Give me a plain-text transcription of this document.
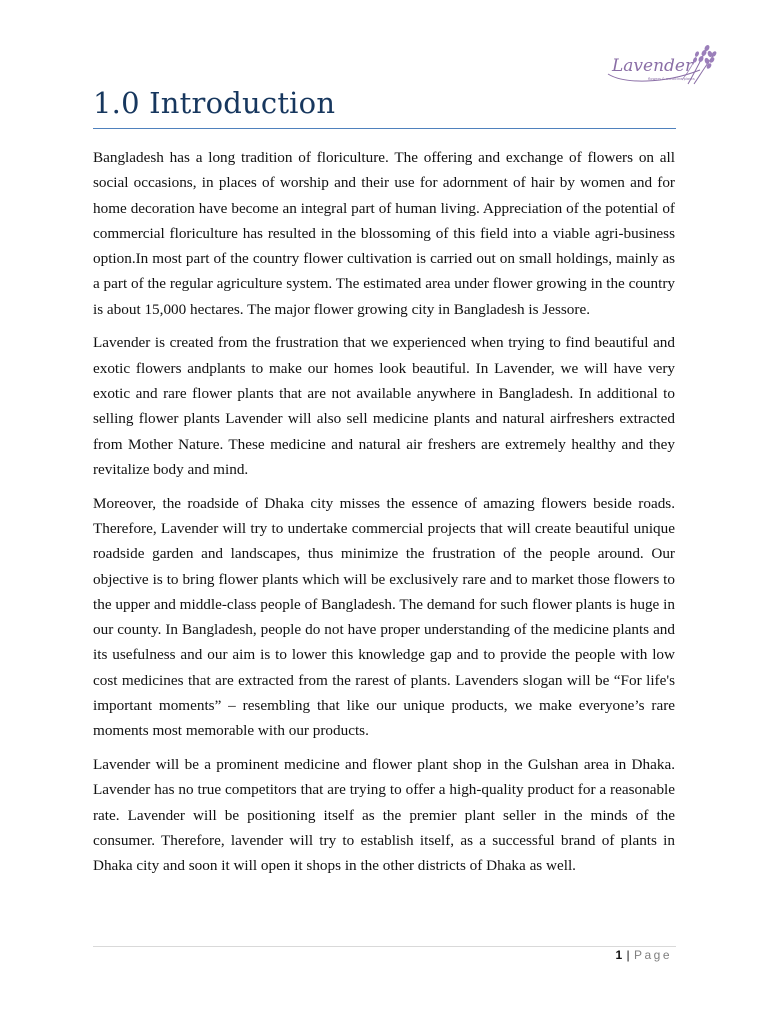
Lavender
flowers & medicine plants
1.0 Introduction

Bangladesh has a long tradition of floriculture. The offering and exchange of flowers on all social occasions, in places of worship and their use for adornment of hair by women and for home decoration have become an integral part of human living. Appreciation of the potential of commercial floriculture has resulted in the blossoming of this field into a viable agri-business option.In most part of the country flower cultivation is carried out on small holdings, mainly as a part of the regular agriculture system. The estimated area under flower growing in the country is about 15,000 hectares. The major flower growing city in Bangladesh is Jessore.

Lavender is created from the frustration that we experienced when trying to find beautiful and exotic flowers andplants to make our homes look beautiful. In Lavender, we will have very exotic and rare flower plants that are not available anywhere in Bangladesh. In additional to selling flower plants Lavender will also sell medicine plants and natural airfreshers extracted from Mother Nature. These medicine and natural air freshers are extremely healthy and they revitalize body and mind.

Moreover, the roadside of Dhaka city misses the essence of amazing flowers beside roads. Therefore, Lavender will try to undertake commercial projects that will create beautiful unique roadside garden and landscapes, thus minimize the frustration of the people around. Our objective is to bring flower plants which will be exclusively rare and to market those flowers to the upper and middle-class people of Bangladesh. The demand for such flower plants is huge in our county. In Bangladesh, people do not have proper understanding of the medicine plants and its usefulness and our aim is to lower this knowledge gap and to provide the people with low cost medicines that are extracted from the rarest of plants. Lavenders slogan will be “For life's important moments” – resembling that like our unique products, we make everyone’s rare moments most memorable with our products.

Lavender will be a prominent medicine and flower plant shop in the Gulshan area in Dhaka. Lavender has no true competitors that are trying to offer a high-quality product for a reasonable rate. Lavender will be positioning itself as the premier plant seller in the minds of the consumer. Therefore, lavender will try to establish itself, as a successful brand of plants in Dhaka city and soon it will open it shops in the other districts of Dhaka as well.

1 | Page
